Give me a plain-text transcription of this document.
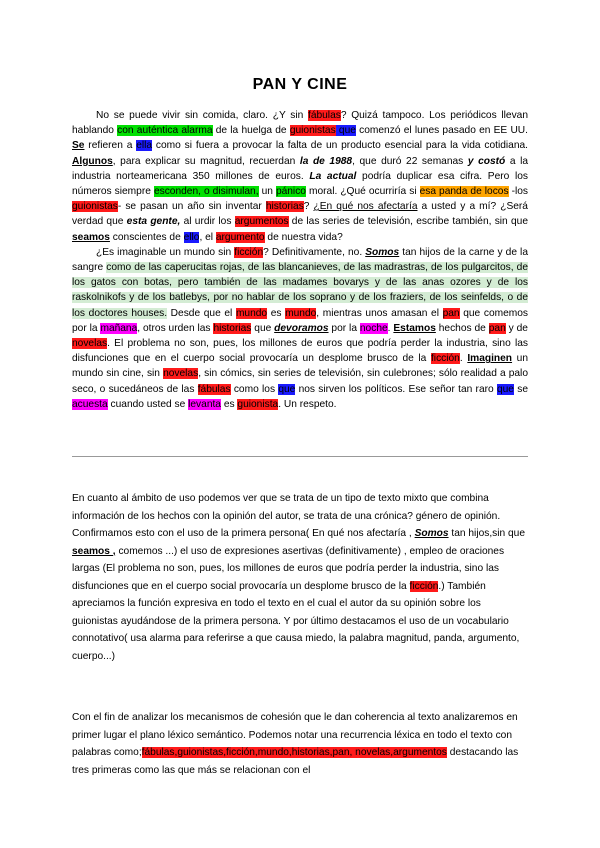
PAN Y CINE

No se puede vivir sin comida, claro. ¿Y sin fábulas? Quizá tampoco. Los periódicos llevan hablando con auténtica alarma de la huelga de guionistas que comenzó el lunes pasado en EE UU. Se refieren a ella como si fuera a provocar la falta de un producto esencial para la vida cotidiana. Algunos, para explicar su magnitud, recuerdan la de 1988, que duró 22 semanas y costó a la industria norteamericana 350 millones de euros. La actual podría duplicar esa cifra. Pero los números siempre esconden, o disimulan, un pánico moral. ¿Qué ocurriría si esa panda de locos -los guionistas- se pasan un año sin inventar historias? ¿En qué nos afectaría a usted y a mí? ¿Será verdad que esta gente, al urdir los argumentos de las series de televisión, escribe también, sin que seamos conscientes de ello, el argumento de nuestra vida?

¿Es imaginable un mundo sin ficción? Definitivamente, no. Somos tan hijos de la carne y de la sangre como de las caperucitas rojas, de las blancanieves, de las madrastras, de los pulgarcitos, de los gatos con botas, pero también de las madames bovarys y de las anas ozores y de los raskolnikofs y de los batlebys, por no hablar de los soprano y de los fraziers, de los seinfelds, o de los doctores houses. Desde que el mundo es mundo, mientras unos amasan el pan que comemos por la mañana, otros urden las historias que devoramos por la noche. Estamos hechos de pan y de novelas. El problema no son, pues, los millones de euros que podría perder la industria, sino las disfunciones que en el cuerpo social provocaría un desplome brusco de la ficción. Imaginen un mundo sin cine, sin novelas, sin cómics, sin series de televisión, sin culebrones; sólo realidad a palo seco, o sucedáneos de las fábulas como los que nos sirven los políticos. Ese señor tan raro que se acuesta cuando usted se levanta es guionista. Un respeto.

En cuanto al ámbito de uso podemos ver que se trata de un tipo de texto mixto que combina información de los hechos con la opinión del autor, se trata de una crónica? género de opinión. Confirmamos esto con el uso de la primera persona( En qué nos afectaría , Somos tan hijos,sin que seamos , comemos ...) el uso de expresiones asertivas (definitivamente) , empleo de oraciones largas (El problema no son, pues, los millones de euros que podría perder la industria, sino las disfunciones que en el cuerpo social provocaría un desplome brusco de la ficción.) También apreciamos la función expresiva en todo el texto en el cual el autor da su opinión sobre los guionistas ayudándose de la primera persona. Y por último destacamos el uso de un vocabulario connotativo( usa alarma para referirse a que causa miedo, la palabra magnitud, panda, argumento, cuerpo...)

Con el fin de analizar los mecanismos de cohesión que le dan coherencia al texto analizaremos en primer lugar el plano léxico semántico. Podemos notar una recurrencia léxica en todo el texto con palabras como;fábulas,guionistas,ficción,mundo,historias,pan, novelas,argumentos destacando las tres primeras como las que más se relacionan con el
